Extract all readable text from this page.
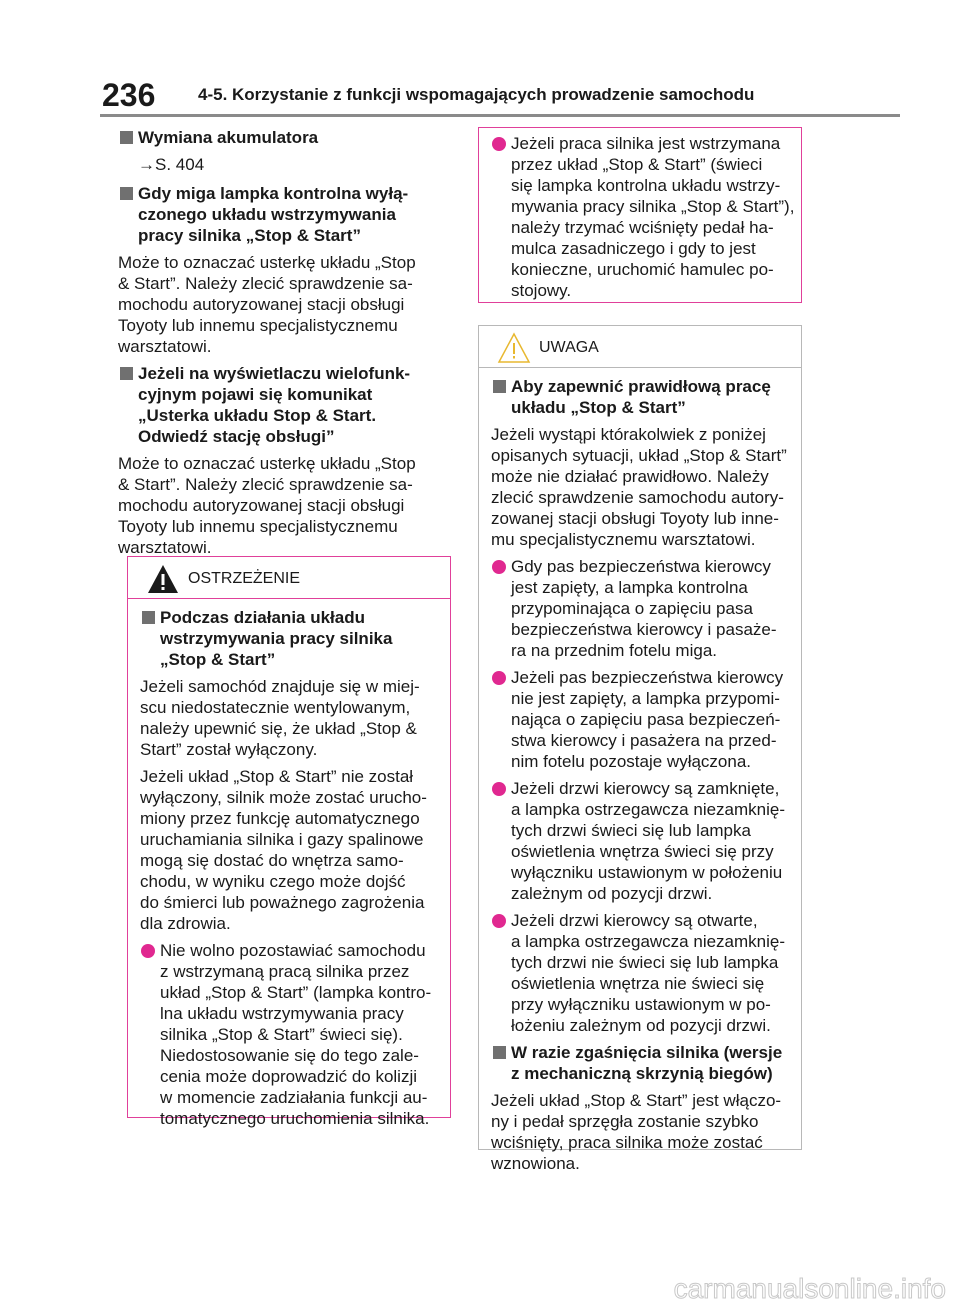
236	4-5. Korzystanie z funkcji wspomagających prowadzenie samochodu
Wymiana akumulatora
→S. 404
Gdy miga lampka kontrolna wyłą-
czonego układu wstrzymywania
pracy silnika „Stop & Start”
Może to oznaczać usterkę układu „Stop
& Start”. Należy zlecić sprawdzenie sa-
mochodu autoryzowanej stacji obsługi
Toyoty lub innemu specjalistycznemu
warsztatowi.
Jeżeli na wyświetlaczu wielofunk-
cyjnym pojawi się komunikat
„Usterka układu Stop & Start.
Odwiedź stację obsługi”
Może to oznaczać usterkę układu „Stop
& Start”. Należy zlecić sprawdzenie sa-
mochodu autoryzowanej stacji obsługi
Toyoty lub innemu specjalistycznemu
warsztatowi.
OSTRZEŻENIE
Podczas działania układu
wstrzymywania pracy silnika
„Stop & Start”
Jeżeli samochód znajduje się w miej-
scu niedostatecznie wentylowanym,
należy upewnić się, że układ „Stop &
Start” został wyłączony.
Jeżeli układ „Stop & Start” nie został
wyłączony, silnik może zostać urucho-
miony przez funkcję automatycznego
uruchamiania silnika i gazy spalinowe
mogą się dostać do wnętrza samo-
chodu, w wyniku czego może dojść
do śmierci lub poważnego zagrożenia
dla zdrowia.
Nie wolno pozostawiać samochodu
z wstrzymaną pracą silnika przez
układ „Stop & Start” (lampka kontro-
lna układu wstrzymywania pracy
silnika „Stop & Start” świeci się).
Niedostosowanie się do tego zale-
cenia może doprowadzić do kolizji
w momencie zadziałania funkcji au-
tomatycznego uruchomienia silnika.
Jeżeli praca silnika jest wstrzymana
przez układ „Stop & Start” (świeci
się lampka kontrolna układu wstrzy-
mywania pracy silnika „Stop & Start”),
należy trzymać wciśnięty pedał ha-
mulca zasadniczego i gdy to jest
konieczne, uruchomić hamulec po-
stojowy.
UWAGA
Aby zapewnić prawidłową pracę
układu „Stop & Start”
Jeżeli wystąpi którakolwiek z poniżej
opisanych sytuacji, układ „Stop & Start”
może nie działać prawidłowo. Należy
zlecić sprawdzenie samochodu autory-
zowanej stacji obsługi Toyoty lub inne-
mu specjalistycznemu warsztatowi.
Gdy pas bezpieczeństwa kierowcy
jest zapięty, a lampka kontrolna
przypominająca o zapięciu pasa
bezpieczeństwa kierowcy i pasaże-
ra na przednim fotelu miga.
Jeżeli pas bezpieczeństwa kierowcy
nie jest zapięty, a lampka przypomi-
nająca o zapięciu pasa bezpieczeń-
stwa kierowcy i pasażera na przed-
nim fotelu pozostaje wyłączona.
Jeżeli drzwi kierowcy są zamknięte,
a lampka ostrzegawcza niezamknię-
tych drzwi świeci się lub lampka
oświetlenia wnętrza świeci się przy
wyłączniku ustawionym w położeniu
zależnym od pozycji drzwi.
Jeżeli drzwi kierowcy są otwarte,
a lampka ostrzegawcza niezamknię-
tych drzwi nie świeci się lub lampka
oświetlenia wnętrza nie świeci się
przy wyłączniku ustawionym w po-
łożeniu zależnym od pozycji drzwi.
W razie zgaśnięcia silnika (wersje
z mechaniczną skrzynią biegów)
Jeżeli układ „Stop & Start” jest włączo-
ny i pedał sprzęgła zostanie szybko
wciśnięty, praca silnika może zostać
wznowiona.
carmanualsonline.info
